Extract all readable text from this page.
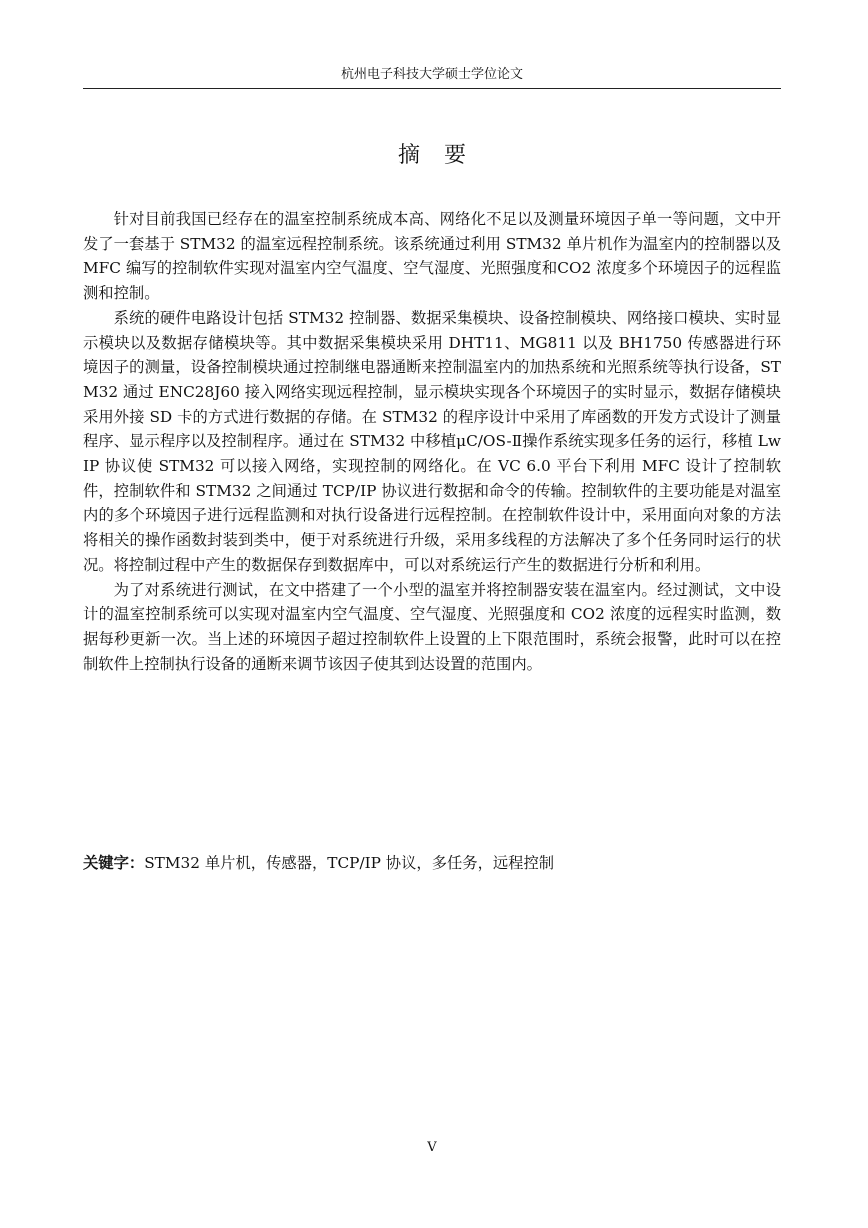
杭州电子科技大学硕士学位论文
摘要

针对目前我国已经存在的温室控制系统成本高、网络化不足以及测量环境因子单一等问题，文中开发了一套基于 STM32 的温室远程控制系统。该系统通过利用 STM32 单片机作为温室内的控制器以及 MFC 编写的控制软件实现对温室内空气温度、空气湿度、光照强度和CO2 浓度多个环境因子的远程监测和控制。

系统的硬件电路设计包括 STM32 控制器、数据采集模块、设备控制模块、网络接口模块、实时显示模块以及数据存储模块等。其中数据采集模块采用 DHT11、MG811 以及 BH1750 传感器进行环境因子的测量，设备控制模块通过控制继电器通断来控制温室内的加热系统和光照系统等执行设备，STM32 通过 ENC28J60 接入网络实现远程控制，显示模块实现各个环境因子的实时显示，数据存储模块采用外接 SD 卡的方式进行数据的存储。在 STM32 的程序设计中采用了库函数的开发方式设计了测量程序、显示程序以及控制程序。通过在 STM32 中移植μC/OS-Ⅱ操作系统实现多任务的运行，移植 LwIP 协议使 STM32 可以接入网络，实现控制的网络化。在 VC 6.0 平台下利用 MFC 设计了控制软件，控制软件和 STM32 之间通过 TCP/IP 协议进行数据和命令的传输。控制软件的主要功能是对温室内的多个环境因子进行远程监测和对执行设备进行远程控制。在控制软件设计中，采用面向对象的方法将相关的操作函数封装到类中，便于对系统进行升级，采用多线程的方法解决了多个任务同时运行的状况。将控制过程中产生的数据保存到数据库中，可以对系统运行产生的数据进行分析和利用。

为了对系统进行测试，在文中搭建了一个小型的温室并将控制器安装在温室内。经过测试，文中设计的温室控制系统可以实现对温室内空气温度、空气湿度、光照强度和 CO2 浓度的远程实时监测，数据每秒更新一次。当上述的环境因子超过控制软件上设置的上下限范围时，系统会报警，此时可以在控制软件上控制执行设备的通断来调节该因子使其到达设置的范围内。

关键字：STM32 单片机，传感器，TCP/IP 协议，多任务，远程控制
V
